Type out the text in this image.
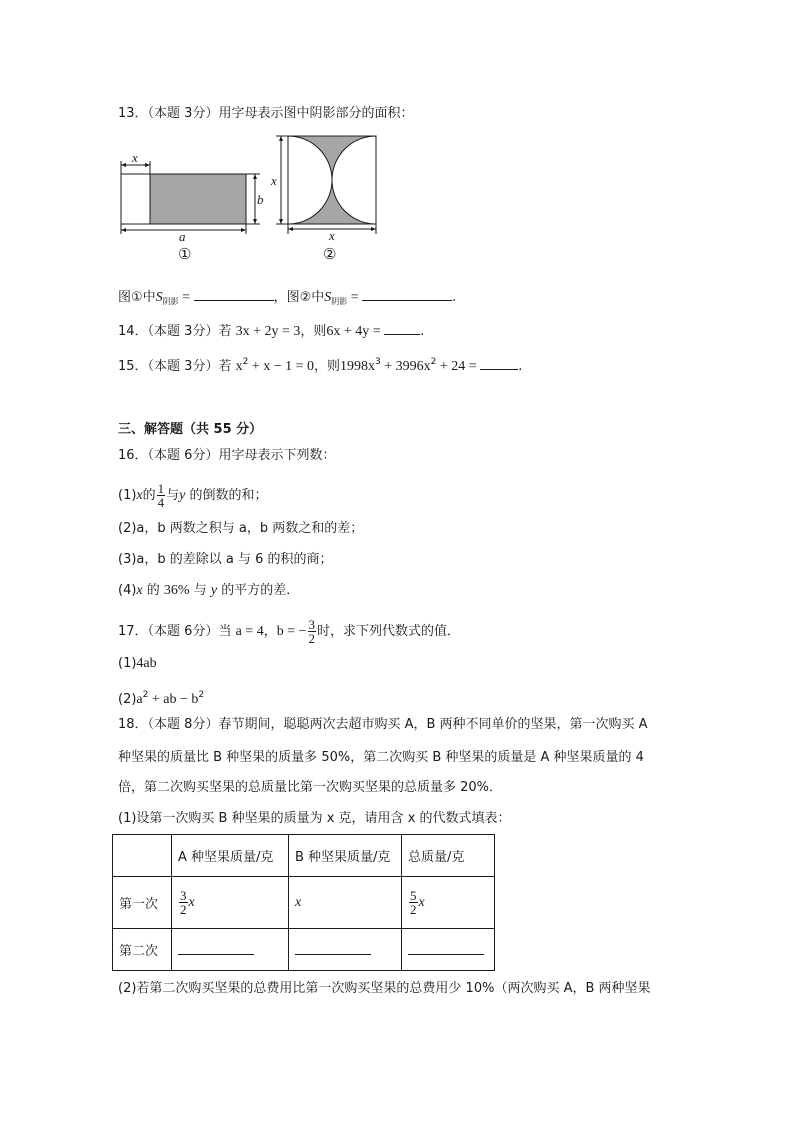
13．（本题 3分）用字母表示图中阴影部分的面积：
x
b
a
①
x
x
②
图①中$S_{阴影}$ =	，图②中$S_{阴影}$ =	.
14．（本题 3分）若 3x + 2y = 3，则6x + 4y =	.
15．（本题 3分）若 $x^2 + x - 1 = 0$，则$1998x^3 + 3996x^2 + 24$ =	.
三、解答题（共 55 分）
16．（本题 6分）用字母表示下列数：
(1)x的 $\frac{1}{4}$ 与y 的倒数的和；
(2)a，b 两数之积与 a，b 两数之和的差；
(3)a，b 的差除以 a 与 6 的积的商；
(4)x 的 36% 与 y 的平方的差．
17．（本题 6分）当 a = 4，b = − $\frac{3}{2}$ 时，求下列代数式的值．
(1)4ab
$(2)a^2$ + ab − $b^2$
18．（本题 8分）春节期间，聪聪两次去超市购买 A，B 两种不同单价的坚果，第一次购买 A
种坚果的质量比 B 种坚果的质量多 50%，第二次购买 B 种坚果的质量是 A 种坚果质量的 4
倍，第二次购买坚果的总质量比第一次购买坚果的总质量多 20%．
(1)设第一次购买 B 种坚果的质量为 x 克，请用含 x 的代数式填表：
	A 种坚果质量/克	B 种坚果质量/克	总质量/克
第一次	$\frac{3}{2}$ x	x	$\frac{5}{2}$ x
第二次			
(2)若第二次购买坚果的总费用比第一次购买坚果的总费用少 10%（两次购买 A，B 两种坚果
